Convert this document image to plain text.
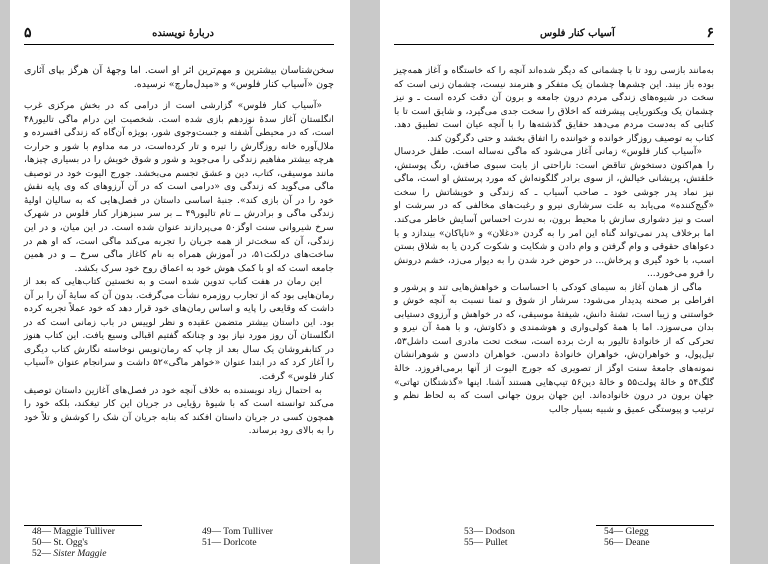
۵	دربارهٔ نویسنده

سخن‌شناسان بیشترین و مهم‌ترین اثر او است. اما وجههٔ آن هرگز بپای آثاری چون «آسیاب کنار فلوس» و «میدل‌مارچ» نرسیده.

«آسیاب کنار فلوس» گزارشی است از درامی که در بخش مرکزی غرب انگلستان آغاز سدهٔ نوزدهم بازی شده است. شخصیت این درام ماگی تالیور۴۸ است، که در محیطی آشفته و جست‌وجوی شور، بویژه آن‌گاه که زندگی افسرده و ملال‌آوره خانه روزگارش را تیره و تار کرده‌است، در مه مداوم با شور و حرارت هرچه بیشتر مفاهیم زندگی را می‌جوید و شور و شوق خویش را در بسیاری چیزها، مانند موسیقی، کتاب، دین و عشق تجسم می‌بخشد. جورج الیوت خود در توصیف ماگی می‌گوید که زندگی وی «درامی است که در آن آرزوهای که وی پایه نقش خود را در آن بازی کند». جنبهٔ اساسی داستان در فصل‌هایی که به سالیان اولیهٔ زندگی ماگی و برادرش ــ تام تالیور۴۹ ــ بر سر سبزهزار کنار فلوس در شهرک سرخ شیروانی سنت اوگز۵۰ می‌پردازند عنوان شده است. در این میان، و در این زندگی، آن که سخت‌تر از همه جریان را تجربه می‌کند ماگی است، که او هم در ساخت‌های درلکت۵۱، در آموزش همراه به نام کاغاز ماگی سرخ ــ و در همین جامعه است که او با کمک هوش خود به اعماق روح خود سرک بکشد.

این رمان در هفت کتاب تدوین شده است و به نخستین کتاب‌هایی که بعد از رمان‌هایی بود که از تجارب روزمره نشأت می‌گرفت. بدون آن که سایهٔ آن را بر آن داشت که وقایعی را پایه و اساس رمان‌های خود قرار دهد که خود عملاً تجربه کرده بود. این داستان بیشتر متضمن عقیده و نظر لوییس در باب زمانی است که در انگلستان آن روز مورد نیاز بود و چنانکه گفتیم اقبالی وسیع یافت. این کتاب هنوز در کتابفروشان یک سال بعد از چاپ که رمان‌نویس نوخاسته نگارش کتاب دیگری را آغاز کرد که در ابتدا عنوان «خواهر ماگی»۵۲ داشت و سرانجام عنوان «آسیاب کنار فلوس» گرفت.

به احتمال زیاد نویسنده به خلاف آنچه خود در فصل‌های آغازین داستان توصیف می‌کند توانسته است که با شیوهٔ رؤیایی در جریان این کار تیغکند، بلکه خود را همچون کسی در جریان داستان افکند که بنابه جریان آن شک را کوشش و تلاً خود را به بالای رود برساند.

48— Maggie Tulliver
50— St. Ogg's
52— Sister Maggie
49— Tom Tulliver
51— Dorlcote
آسیاب کنار فلوس	۶

به‌مانند بازسی رود تا با چشمانی که دیگر شده‌اند آنچه را که خاستگاه و آغاز همه‌چیز بوده باز بیند. این چشم‌ها چشمان یک متفکر و هنرمند نیست، چشمان زنی است که سخت در شیوه‌های زندگی مردم درون جامعه و برون آن دقت کرده است ـ و نیز چشمان یک ویکتوریایی پیشرفته که اخلاق را سخت جدی می‌گیرد، و شایق است تا با کتابی که به‌دست مردم می‌دهد حقایق گذشته‌ها را با آنچه عیان است تطبیق دهد. کتاب به توصیف روزگار خوانده و خواننده را اتفاق بخشد و حتی دگرگون کند.

«آسیاب کنار فلوس» زمانی آغاز می‌شود که ماگی نه‌ساله است. طفل خردسال را هم‌اکنون دستخوش تناقض است: ناراحتی از بابت سبوی صافش، رنگ پوستش، خلقتش، پریشانی خیالش، از سوی برادر گلگونه‌اش که مورد پرستش او است، ماگی نیز نماد پدر جوشی خود ـ صاحب آسیاب ـ که زندگی و خویشاتش را سخت «گیج‌کننده» می‌یابد به علت سرشاری نیرو و رغبت‌های مخالفی که در سرشت او است و نیز دشواری سازش با محیط برون، به ندرت احساس آسایش خاطر می‌کند. اما برخلاف پدر نمی‌تواند گناه این امر را به گردن «دغلان» و «ناپاکان» بیندازد و با دعواهای حقوقی و وام گرفتن و وام دادن و شکایت و شکوت کردن یا به شلاق بستن اسب، با خود گیری و پرخاش... در حوض خرد شدن را به دیوار می‌زد، خشم درونش را فرو می‌خورد...

ماگی از همان آغاز به سیمای کودکی با احساسات و خواهش‌هایی تند و پرشور و افراطی بر صحنه پدیدار می‌شود: سرشار از شوق و تمنا نسبت به آنچه خوش و خواستنی و زیبا است، تشنهٔ دانش، شیفتهٔ موسیقی، که در خواهش و آرزوی دستیابی بدان می‌سوزد. اما با همهٔ کولی‌واری و هوشمندی و ذکاوتش، و با همهٔ آن نیرو و تحرکی که از خانوادهٔ تالیور به ارث برده است، سخت تحت مادری است داشل۵۳، تیل‌پول، و خواهران‌ش، خواهران خانوادهٔ دادسن. خواهران دادسن و شوهرانشان نمونه‌های جامعهٔ سنت اوگز از تصویری که جورج الیوت از آنها بر‌می‌افروزد. خالهٔ گلگ۵۴ و خالهٔ پولت۵۵ و خالهٔ دین۵۶ تیپ‌هایی هستند آشنا. اینها «گذشتگان تهاتی» جهان برون در درون خانواده‌اند. این جهان برون جهانی است که به لحاظ نظم و ترتیب و پیوستگی عمیق و شبیه بسیار جالب

53— Dodson
55— Pullet
54— Glegg
56— Deane
